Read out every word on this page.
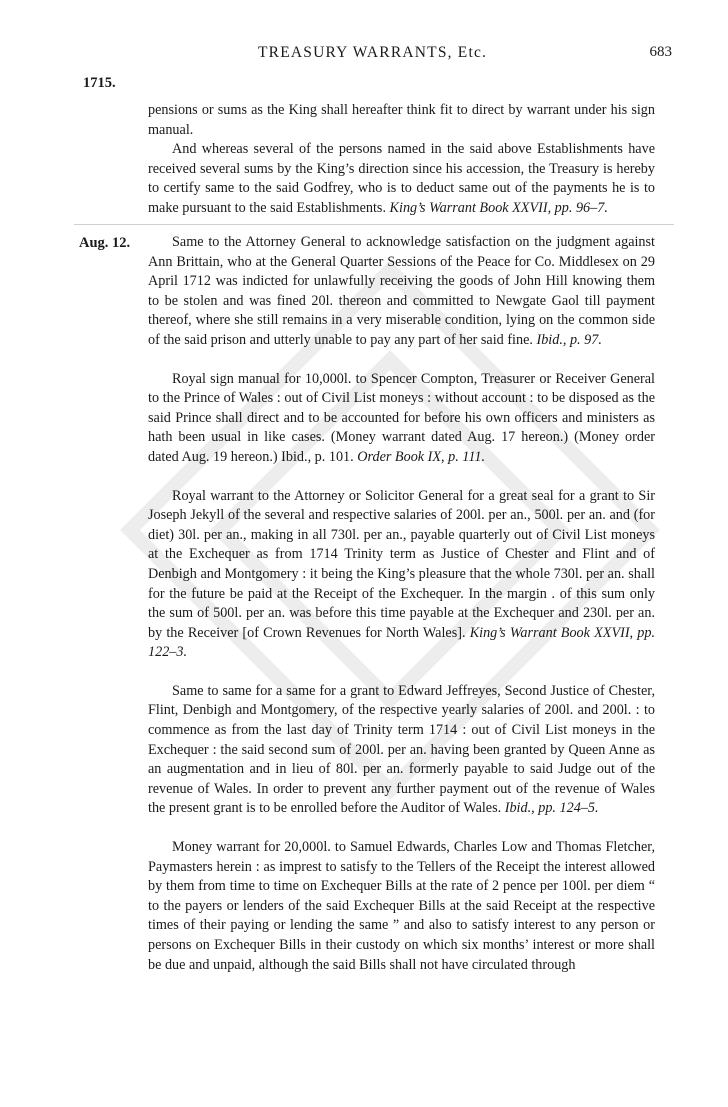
TREASURY WARRANTS, Etc.	683
1715.
Aug. 12.

pensions or sums as the King shall hereafter think fit to direct by warrant under his sign manual.

And whereas several of the persons named in the said above Establishments have received several sums by the King’s direction since his accession, the Treasury is hereby to certify same to the said Godfrey, who is to deduct same out of the payments he is to make pursuant to the said Establishments. King’s Warrant Book XXVII, pp. 96–7.

Same to the Attorney General to acknowledge satisfaction on the judgment against Ann Brittain, who at the General Quarter Sessions of the Peace for Co. Middlesex on 29 April 1712 was indicted for unlawfully receiving the goods of John Hill knowing them to be stolen and was fined 20l. thereon and committed to Newgate Gaol till payment thereof, where she still remains in a very miserable condition, lying on the common side of the said prison and utterly unable to pay any part of her said fine. Ibid., p. 97.

Royal sign manual for 10,000l. to Spencer Compton, Treasurer or Receiver General to the Prince of Wales : out of Civil List moneys : without account : to be disposed as the said Prince shall direct and to be accounted for before his own officers and ministers as hath been usual in like cases. (Money warrant dated Aug. 17 hereon.) (Money order dated Aug. 19 hereon.) Ibid., p. 101. Order Book IX, p. 111.

Royal warrant to the Attorney or Solicitor General for a great seal for a grant to Sir Joseph Jekyll of the several and respective salaries of 200l. per an., 500l. per an. and (for diet) 30l. per an., making in all 730l. per an., payable quarterly out of Civil List moneys at the Exchequer as from 1714 Trinity term as Justice of Chester and Flint and of Denbigh and Montgomery : it being the King’s pleasure that the whole 730l. per an. shall for the future be paid at the Receipt of the Exchequer. In the margin . of this sum only the sum of 500l. per an. was before this time payable at the Exchequer and 230l. per an. by the Receiver [of Crown Revenues for North Wales]. King’s Warrant Book XXVII, pp. 122–3.

Same to same for a same for a grant to Edward Jeffreyes, Second Justice of Chester, Flint, Denbigh and Montgomery, of the respective yearly salaries of 200l. and 200l. : to commence as from the last day of Trinity term 1714 : out of Civil List moneys in the Exchequer : the said second sum of 200l. per an. having been granted by Queen Anne as an augmentation and in lieu of 80l. per an. formerly payable to said Judge out of the revenue of Wales. In order to prevent any further payment out of the revenue of Wales the present grant is to be enrolled before the Auditor of Wales. Ibid., pp. 124–5.

Money warrant for 20,000l. to Samuel Edwards, Charles Low and Thomas Fletcher, Paymasters herein : as imprest to satisfy to the Tellers of the Receipt the interest allowed by them from time to time on Exchequer Bills at the rate of 2 pence per 100l. per diem “ to the payers or lenders of the said Exchequer Bills at the said Receipt at the respective times of their paying or lending the same ” and also to satisfy interest to any person or persons on Exchequer Bills in their custody on which six months’ interest or more shall be due and unpaid, although the said Bills shall not have circulated through
